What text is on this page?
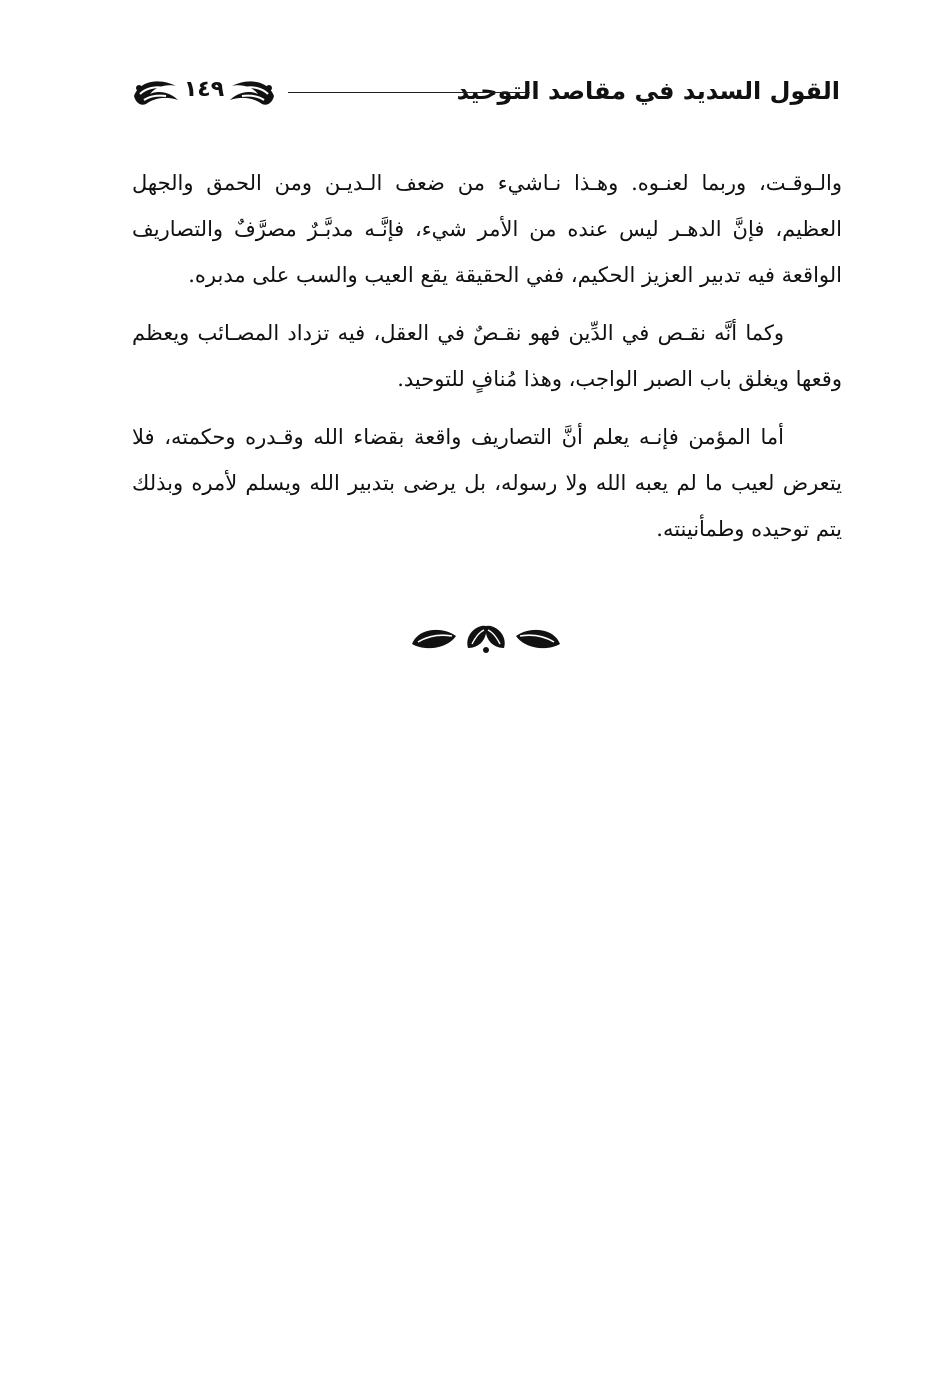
القول السديد في مقاصد التوحيد
١٤٩

والـوقـت، وربما لعنـوه. وهـذا نـاشيء من ضعف الـديـن ومن الحمق والجهل العظيم، فإنَّ الدهـر ليس عنده من الأمر شيء، فإنَّـه مدبَّـرٌ مصرَّفٌ والتصاريف الواقعة فيه تدبير العزيز الحكيم، ففي الحقيقة يقع العيب والسب على مدبره.

وكما أنَّه نقـص في الدِّين فهو نقـصٌ في العقل، فيه تزداد المصـائب ويعظم وقعها ويغلق باب الصبر الواجب، وهذا مُنافٍ للتوحيد.

أما المؤمن فإنـه يعلم أنَّ التصاريف واقعة بقضاء الله وقـدره وحكمته، فلا يتعرض لعيب ما لم يعبه الله ولا رسوله، بل يرضى بتدبير الله ويسلم لأمره وبذلك يتم توحيده وطمأنينته.
